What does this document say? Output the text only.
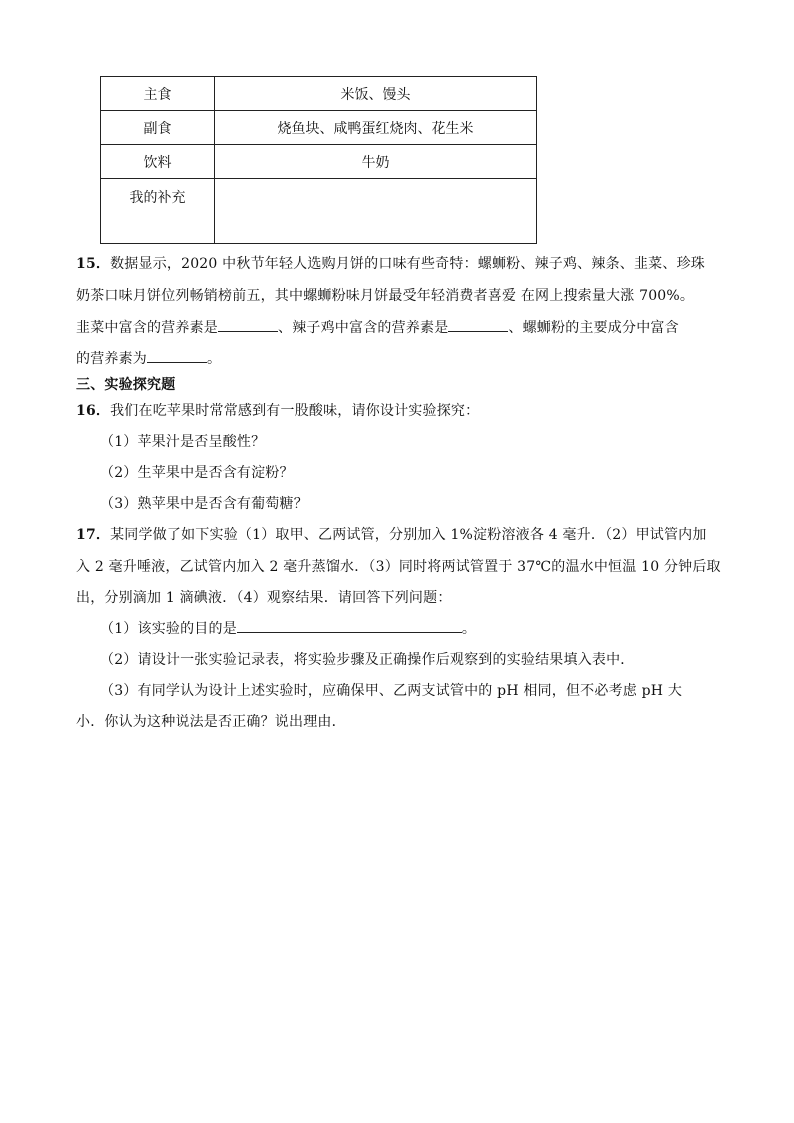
主食	米饭、馒头
副食	烧鱼块、咸鸭蛋红烧肉、花生米
饮料	牛奶
我的补充	
15．数据显示，2020 中秋节年轻人选购月饼的口味有些奇特：螺蛳粉、辣子鸡、辣条、韭菜、珍珠
奶茶口味月饼位列畅销榜前五，其中螺蛳粉味月饼最受年轻消费者喜爱 在网上搜索量大涨 700%。
韭菜中富含的营养素是	、辣子鸡中富含的营养素是	、螺蛳粉的主要成分中富含
的营养素为	。
三、实验探究题
16．我们在吃苹果时常常感到有一股酸味，请你设计实验探究：
（1）苹果汁是否呈酸性？
（2）生苹果中是否含有淀粉？
（3）熟苹果中是否含有葡萄糖？
17．某同学做了如下实验（1）取甲、乙两试管，分别加入 1%淀粉溶液各 4 毫升．（2）甲试管内加
入 2 毫升唾液，乙试管内加入 2 毫升蒸馏水．（3）同时将两试管置于 37℃的温水中恒温 10 分钟后取
出，分别滴加 1 滴碘液．（4）观察结果．请回答下列问题：
（1）该实验的目的是	。
（2）请设计一张实验记录表，将实验步骤及正确操作后观察到的实验结果填入表中．
（3）有同学认为设计上述实验时，应确保甲、乙两支试管中的 pH 相同，但不必考虑 pH 大
小．你认为这种说法是否正确？说出理由．
